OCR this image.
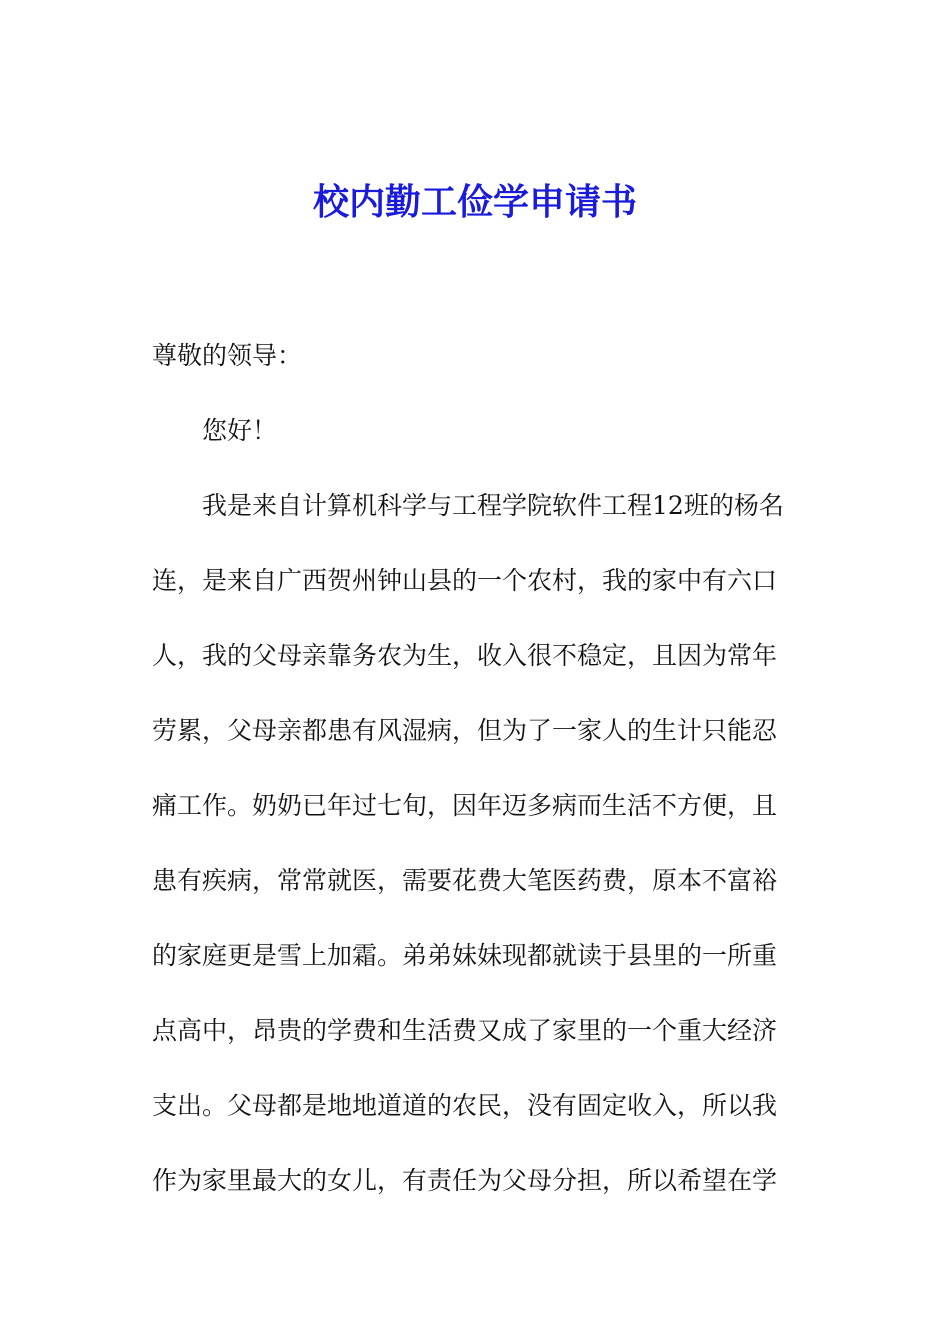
校内勤工俭学申请书

尊敬的领导：

您好！

我是来自计算机科学与工程学院软件工程12班的杨名
连，是来自广西贺州钟山县的一个农村，我的家中有六口
人，我的父母亲靠务农为生，收入很不稳定，且因为常年
劳累，父母亲都患有风湿病，但为了一家人的生计只能忍
痛工作。奶奶已年过七旬，因年迈多病而生活不方便，且
患有疾病，常常就医，需要花费大笔医药费，原本不富裕
的家庭更是雪上加霜。弟弟妹妹现都就读于县里的一所重
点高中，昂贵的学费和生活费又成了家里的一个重大经济
支出。父母都是地地道道的农民，没有固定收入，所以我
作为家里最大的女儿，有责任为父母分担，所以希望在学
